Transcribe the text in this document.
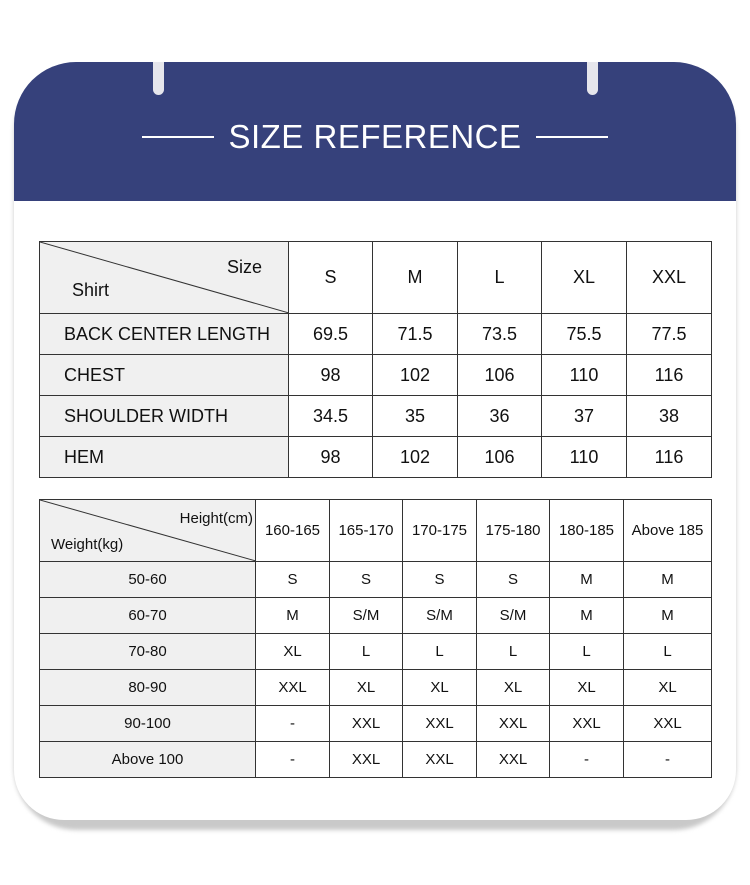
SIZE REFERENCE
Size
Shirt	S	M	L	XL	XXL
BACK CENTER LENGTH	69.5	71.5	73.5	75.5	77.5
CHEST	98	102	106	110	116
SHOULDER WIDTH	34.5	35	36	37	38
HEM	98	102	106	110	116
Height(cm)
Weight(kg)	160-165	165-170	170-175	175-180	180-185	Above 185
50-60	S	S	S	S	M	M
60-70	M	S/M	S/M	S/M	M	M
70-80	XL	L	L	L	L	L
80-90	XXL	XL	XL	XL	XL	XL
90-100	-	XXL	XXL	XXL	XXL	XXL
Above 100	-	XXL	XXL	XXL	-	-
